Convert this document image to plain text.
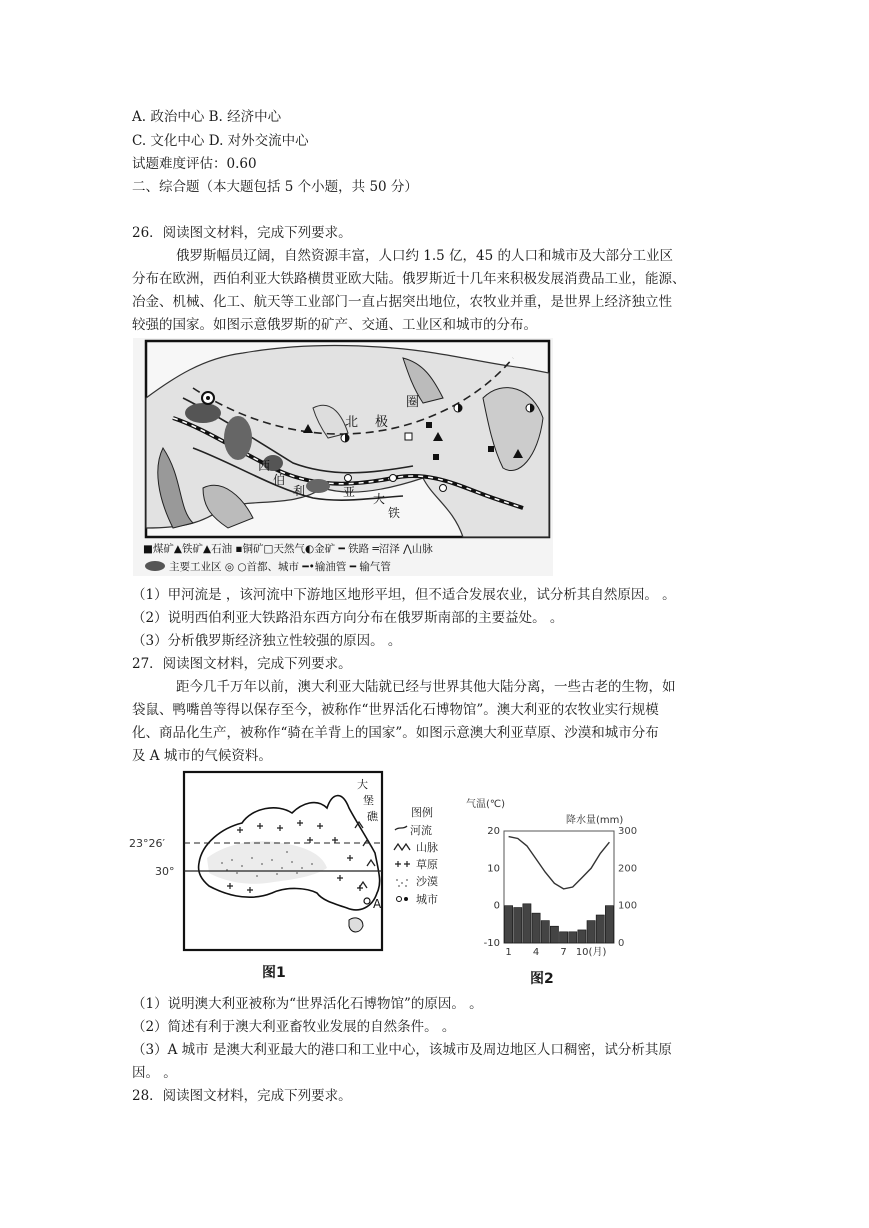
A. 政治中心 B. 经济中心
C. 文化中心 D. 对外交流中心
试题难度评估：0.60
二、综合题（本大题包括 5 个小题，共 50 分）
26．阅读图文材料，完成下列要求。
俄罗斯幅员辽阔，自然资源丰富，人口约 1.5 亿，45 的人口和城市及大部分工业区
分布在欧洲，西伯利亚大铁路横贯亚欧大陆。俄罗斯近十几年来积极发展消费品工业，能源、
冶金、机械、化工、航天等工业部门一直占据突出地位，农牧业并重，是世界上经济独立性
较强的国家。如图示意俄罗斯的矿产、交通、工业区和城市的分布。
北 极
圈
西
伯
利	亚 大
铁
■煤矿▲铁矿▲石油 ▪铜矿□天然气◐金矿 ━ 铁路 ═沼泽 ⋀山脉
主要工业区 ◎ ○首都、城市 ━•输油管 ━ 输气管
（1）甲河流是 ，该河流中下游地区地形平坦，但不适合发展农业，试分析其自然原因。 。
（2）说明西伯利亚大铁路沿东西方向分布在俄罗斯南部的主要益处。 。
（3）分析俄罗斯经济独立性较强的原因。 。
27．阅读图文材料，完成下列要求。
距今几千万年以前，澳大利亚大陆就已经与世界其他大陆分离，一些古老的生物，如
袋鼠、鸭嘴兽等得以保存至今，被称作“世界活化石博物馆”。澳大利亚的农牧业实行规模
化、商品化生产，被称作“骑在羊背上的国家”。如图示意澳大利亚草原、沙漠和城市分布
及 A 城市的气候资料。
23°26′
30°
A
大
堡
礁	图例
河流
山脉
草原
沙漠
城市
图1
气温(℃)
降水量(mm)
20
10
0
-10
300
200
100
0
1 4 7 10(月)
图2
（1）说明澳大利亚被称为“世界活化石博物馆”的原因。 。
（2）简述有利于澳大利亚畜牧业发展的自然条件。 。
（3）A 城市 是澳大利亚最大的港口和工业中心，该城市及周边地区人口稠密，试分析其原
因。 。
28．阅读图文材料，完成下列要求。
